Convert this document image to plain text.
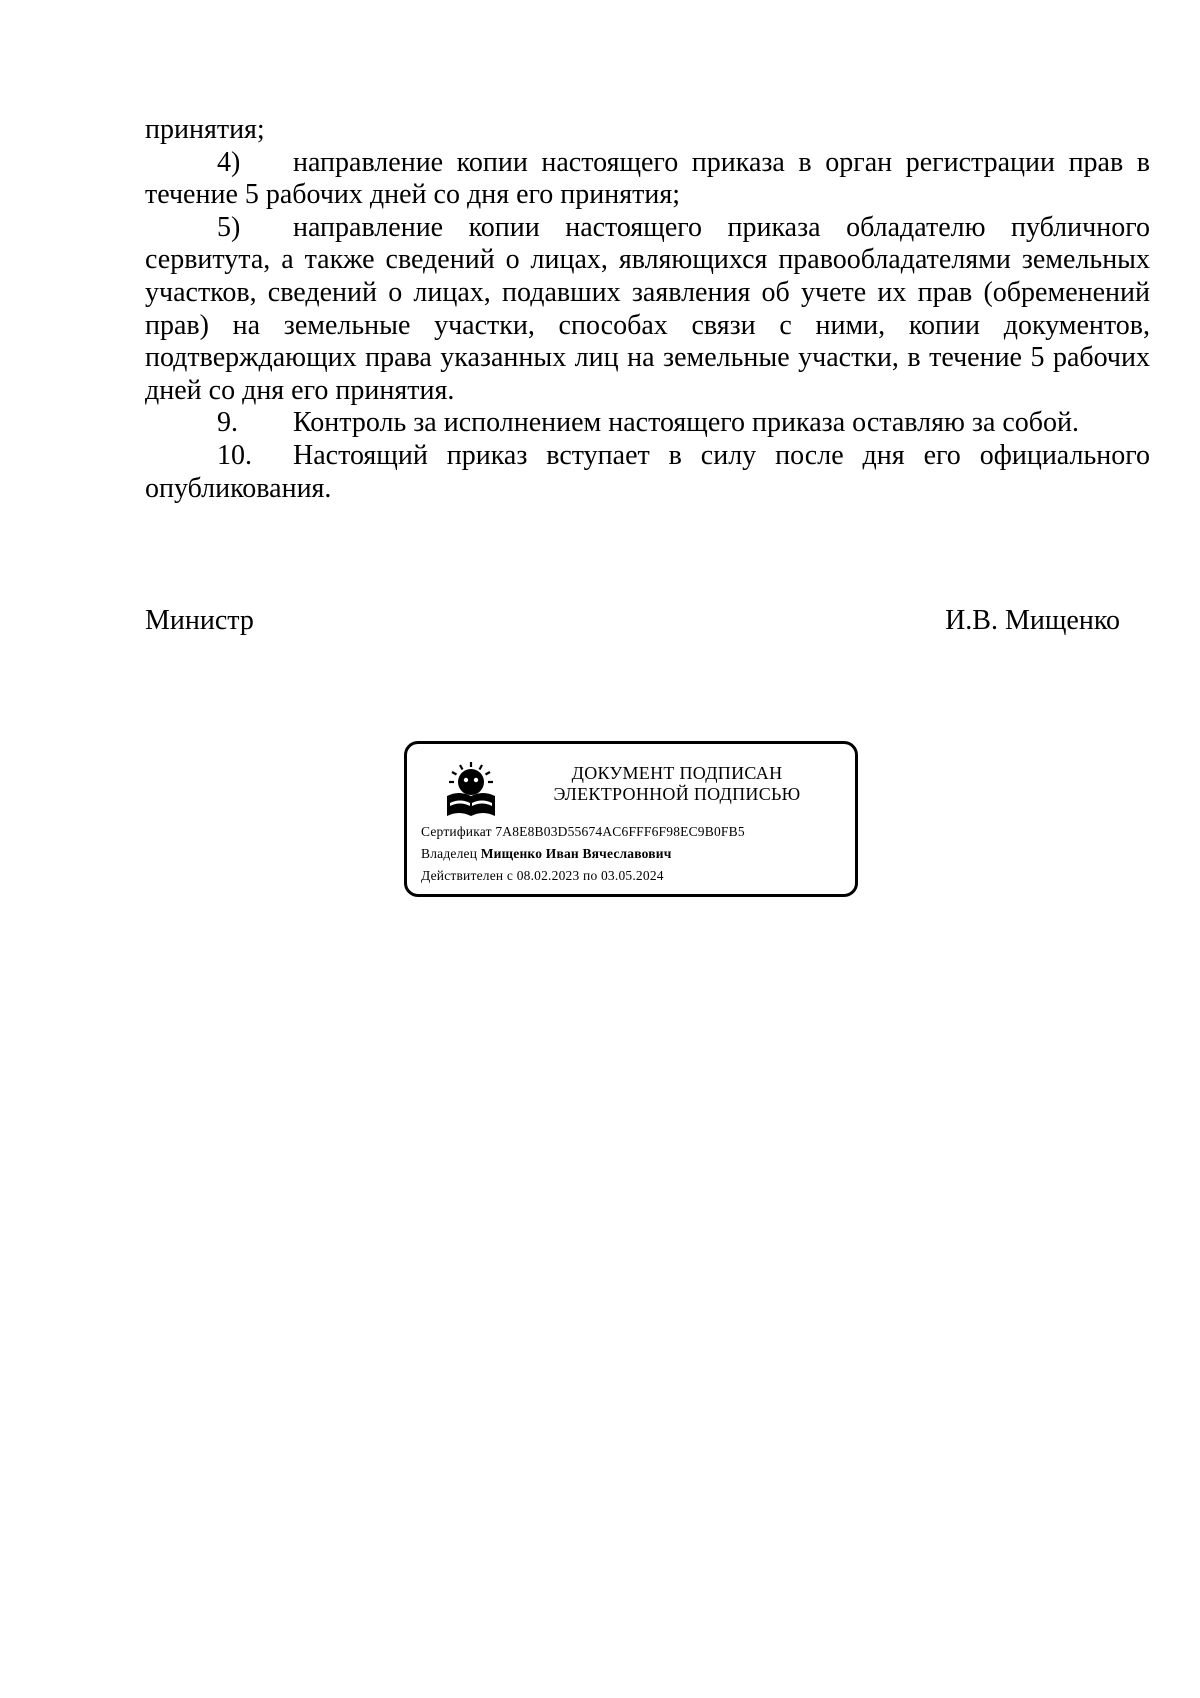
принятия;

4) направление копии настоящего приказа в орган регистрации прав в течение 5 рабочих дней со дня его принятия;

5) направление копии настоящего приказа обладателю публичного сервитута, а также сведений о лицах, являющихся правообладателями земельных участков, сведений о лицах, подавших заявления об учете их прав (обременений прав) на земельные участки, способах связи с ними, копии документов, подтверждающих права указанных лиц на земельные участки, в течение 5 рабочих дней со дня его принятия.

9. Контроль за исполнением настоящего приказа оставляю за собой.

10. Настоящий приказ вступает в силу после дня его официального опубликования.

Министр	И.В. Мищенко
ДОКУМЕНТ ПОДПИСАН
ЭЛЕКТРОННОЙ ПОДПИСЬЮ
Сертификат 7A8E8B03D55674AC6FFF6F98EC9B0FB5
Владелец Мищенко Иван Вячеславович
Действителен с 08.02.2023 по 03.05.2024
